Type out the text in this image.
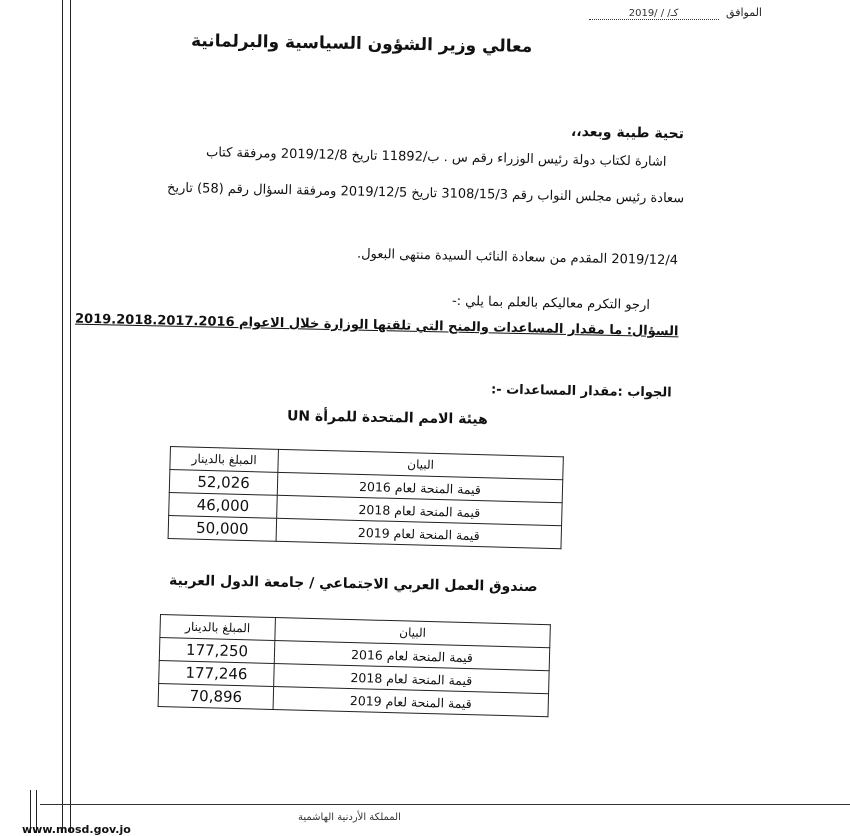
الموافق 2019/ / /كـ
معالي وزير الشؤون السياسية والبرلمانية
تحية طيبة وبعد،،
اشارة لكتاب دولة رئيس الوزراء رقم س . ب/11892 تاريخ 2019/12/8 ومرفقة كتاب
سعادة رئيس مجلس النواب رقم 3108/15/3 تاريخ 2019/12/5 ومرفقة السؤال رقم (58) تاريخ
2019/12/4 المقدم من سعادة النائب السيدة منتهى البعول.
ارجو التكرم معاليكم بالعلم بما يلي :-
السؤال: ما مقدار المساعدات والمنح التي تلقتها الوزارة خلال الاعوام 2019.2018.2017.2016
الجواب :مقدار المساعدات -:
هيئة الامم المتحدة للمرأة UN
البيان	المبلغ بالدينار
قيمة المنحة لعام 2016	52,026
قيمة المنحة لعام 2018	46,000
قيمة المنحة لعام 2019	50,000
صندوق العمل العربي الاجتماعي / جامعة الدول العربية
البيان	المبلغ بالدينار
قيمة المنحة لعام 2016	177,250
قيمة المنحة لعام 2018	177,246
قيمة المنحة لعام 2019	70,896
المملكة الأردنية الهاشمية
www.mosd.gov.jo
